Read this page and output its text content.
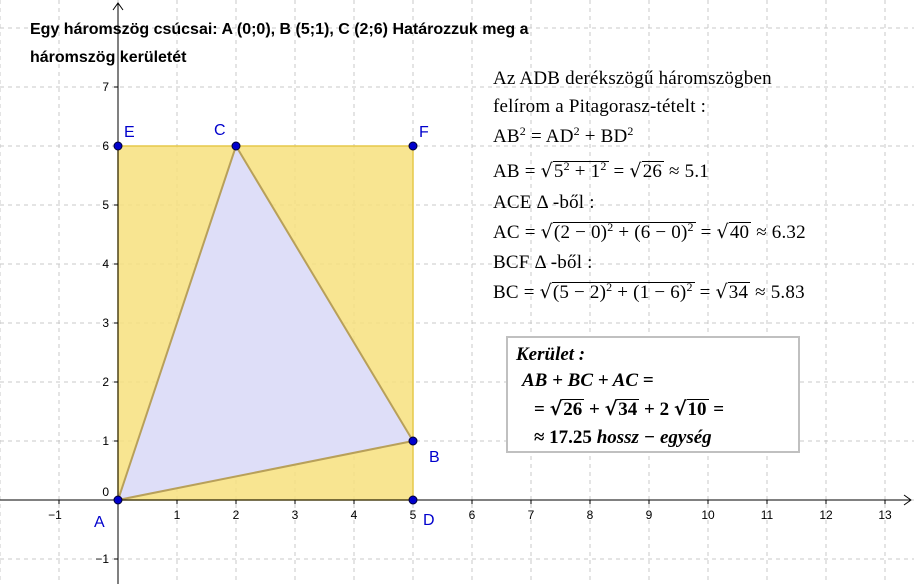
−1	1	2	3	4	5	6	7	8	9	10	11	12	13
−1
0
1
2
3
4
5
6
7
A
B
C
D
E	F
Egy háromszög csúcsai: A (0;0), B (5;1), C (2;6) Határozzuk meg a
háromszög kerületét
Az ADB derékszögű háromszögben
felírom a Pitagorasz-tételt :
$AB^2 = AD^2 + BD^2$
AB = $√5^2 + 1^2 = √26 \approx 5.1$
ACE Δ -ből :
AC = $√(2 - 0)^2 + (6 - 0)^2 = √40 \approx 6.32$
BCF Δ -ből :
BC = $√(5 - 2)^2 + (1 - 6)^2 = √34 \approx 5.83$
Kerület :
AB + BC + AC =
= √26 + √34 + 2 √10 =
≈ 17.25 hossz − egység
